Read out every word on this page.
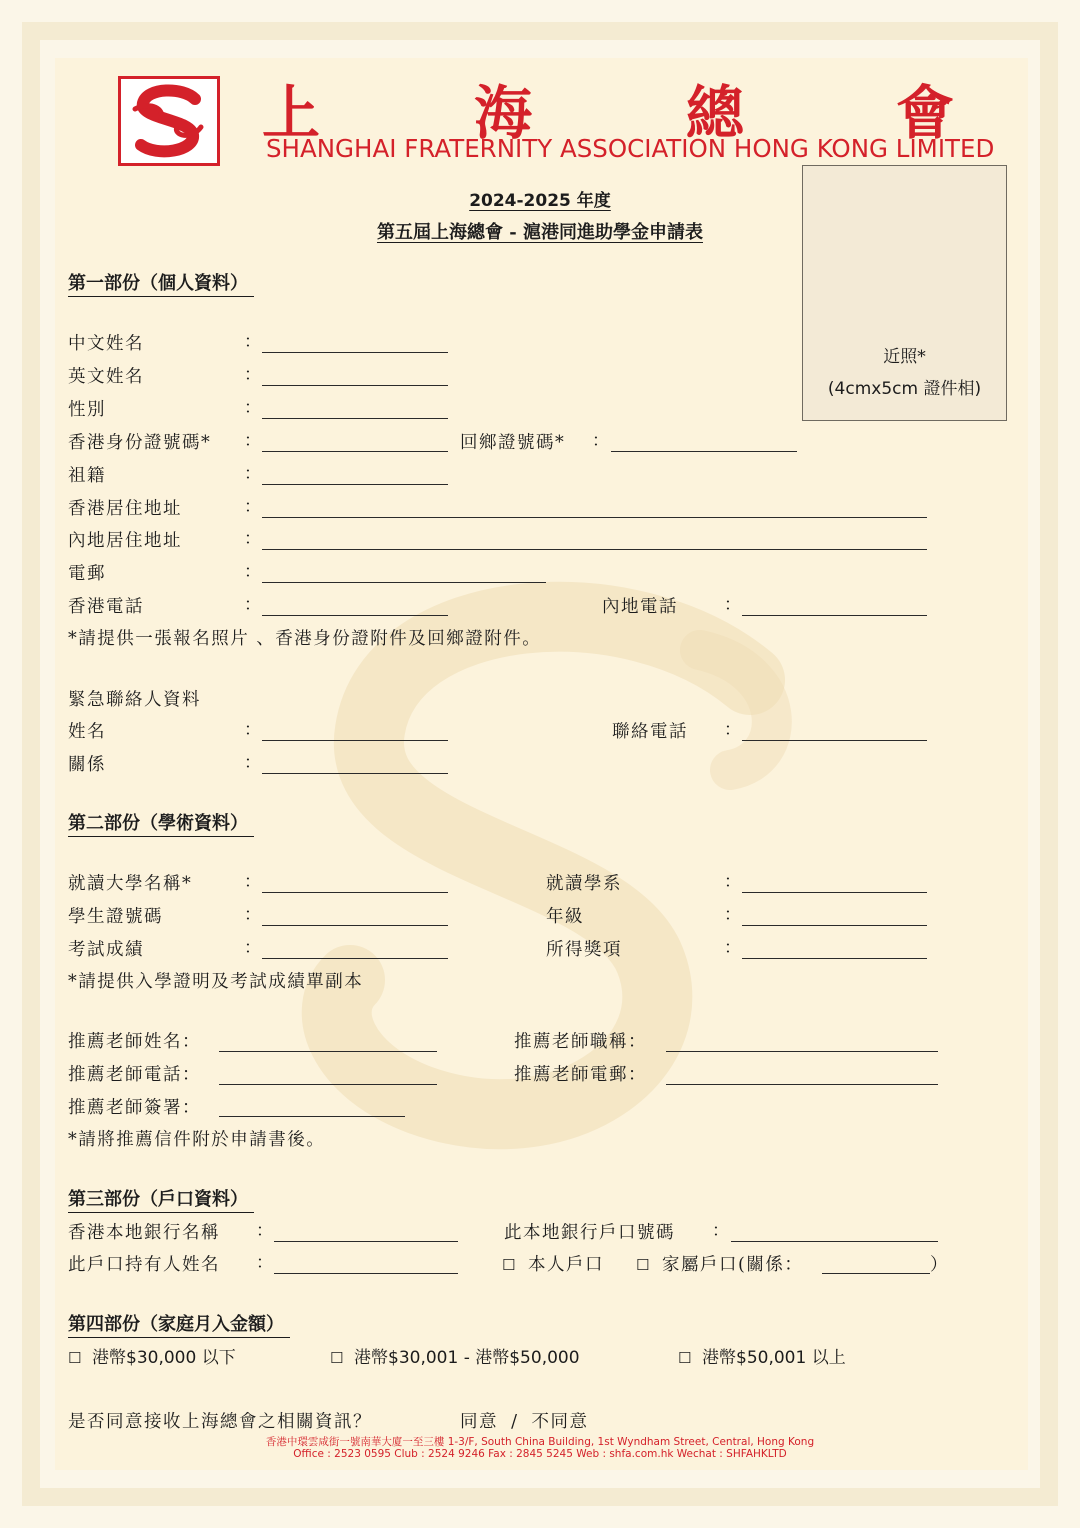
上	海	總	會
SHANGHAI FRATERNITY ASSOCIATION HONG KONG LIMITED
近照*
(4cmx5cm 證件相)
2024-2025 年度
第五屆上海總會 - 滬港同進助學金申請表
第一部份（個人資料）
中文姓名	：
英文姓名	：
性別	：
香港身份證號碼* ：	回鄉證號碼* ：
祖籍	：
香港居住地址	：
內地居住地址	：
電郵	：
香港電話	：	內地電話	：
*請提供一張報名照片 、香港身份證附件及回鄉證附件。
緊急聯絡人資料
姓名	：	聯絡電話 ：
關係	：
第二部份（學術資料）
就讀大學名稱*	：	就讀學系	：
學生證號碼	：	年級	：
考試成績	：	所得獎項	：
*請提供入學證明及考試成績單副本
推薦老師姓名：	推薦老師職稱：
推薦老師電話：	推薦老師電郵：
推薦老師簽署：
*請將推薦信件附於申請書後。
第三部份（戶口資料）
香港本地銀行名稱 ：	此本地銀行戶口號碼 ：
此戶口持有人姓名 ：	☐ 本人戶口 ☐ 家屬戶口(關係：	）
第四部份（家庭月入金額）
☐ 港幣$30,000 以下	☐ 港幣$30,001 - 港幣$50,000	☐ 港幣$50,001 以上
是否同意接收上海總會之相關資訊？	同意 / 不同意
香港中環雲咸街一號南華大廈一至三樓 1-3/F, South China Building, 1st Wyndham Street, Central, Hong Kong
Office : 2523 0595 Club : 2524 9246 Fax : 2845 5245 Web : shfa.com.hk Wechat : SHFAHKLTD
